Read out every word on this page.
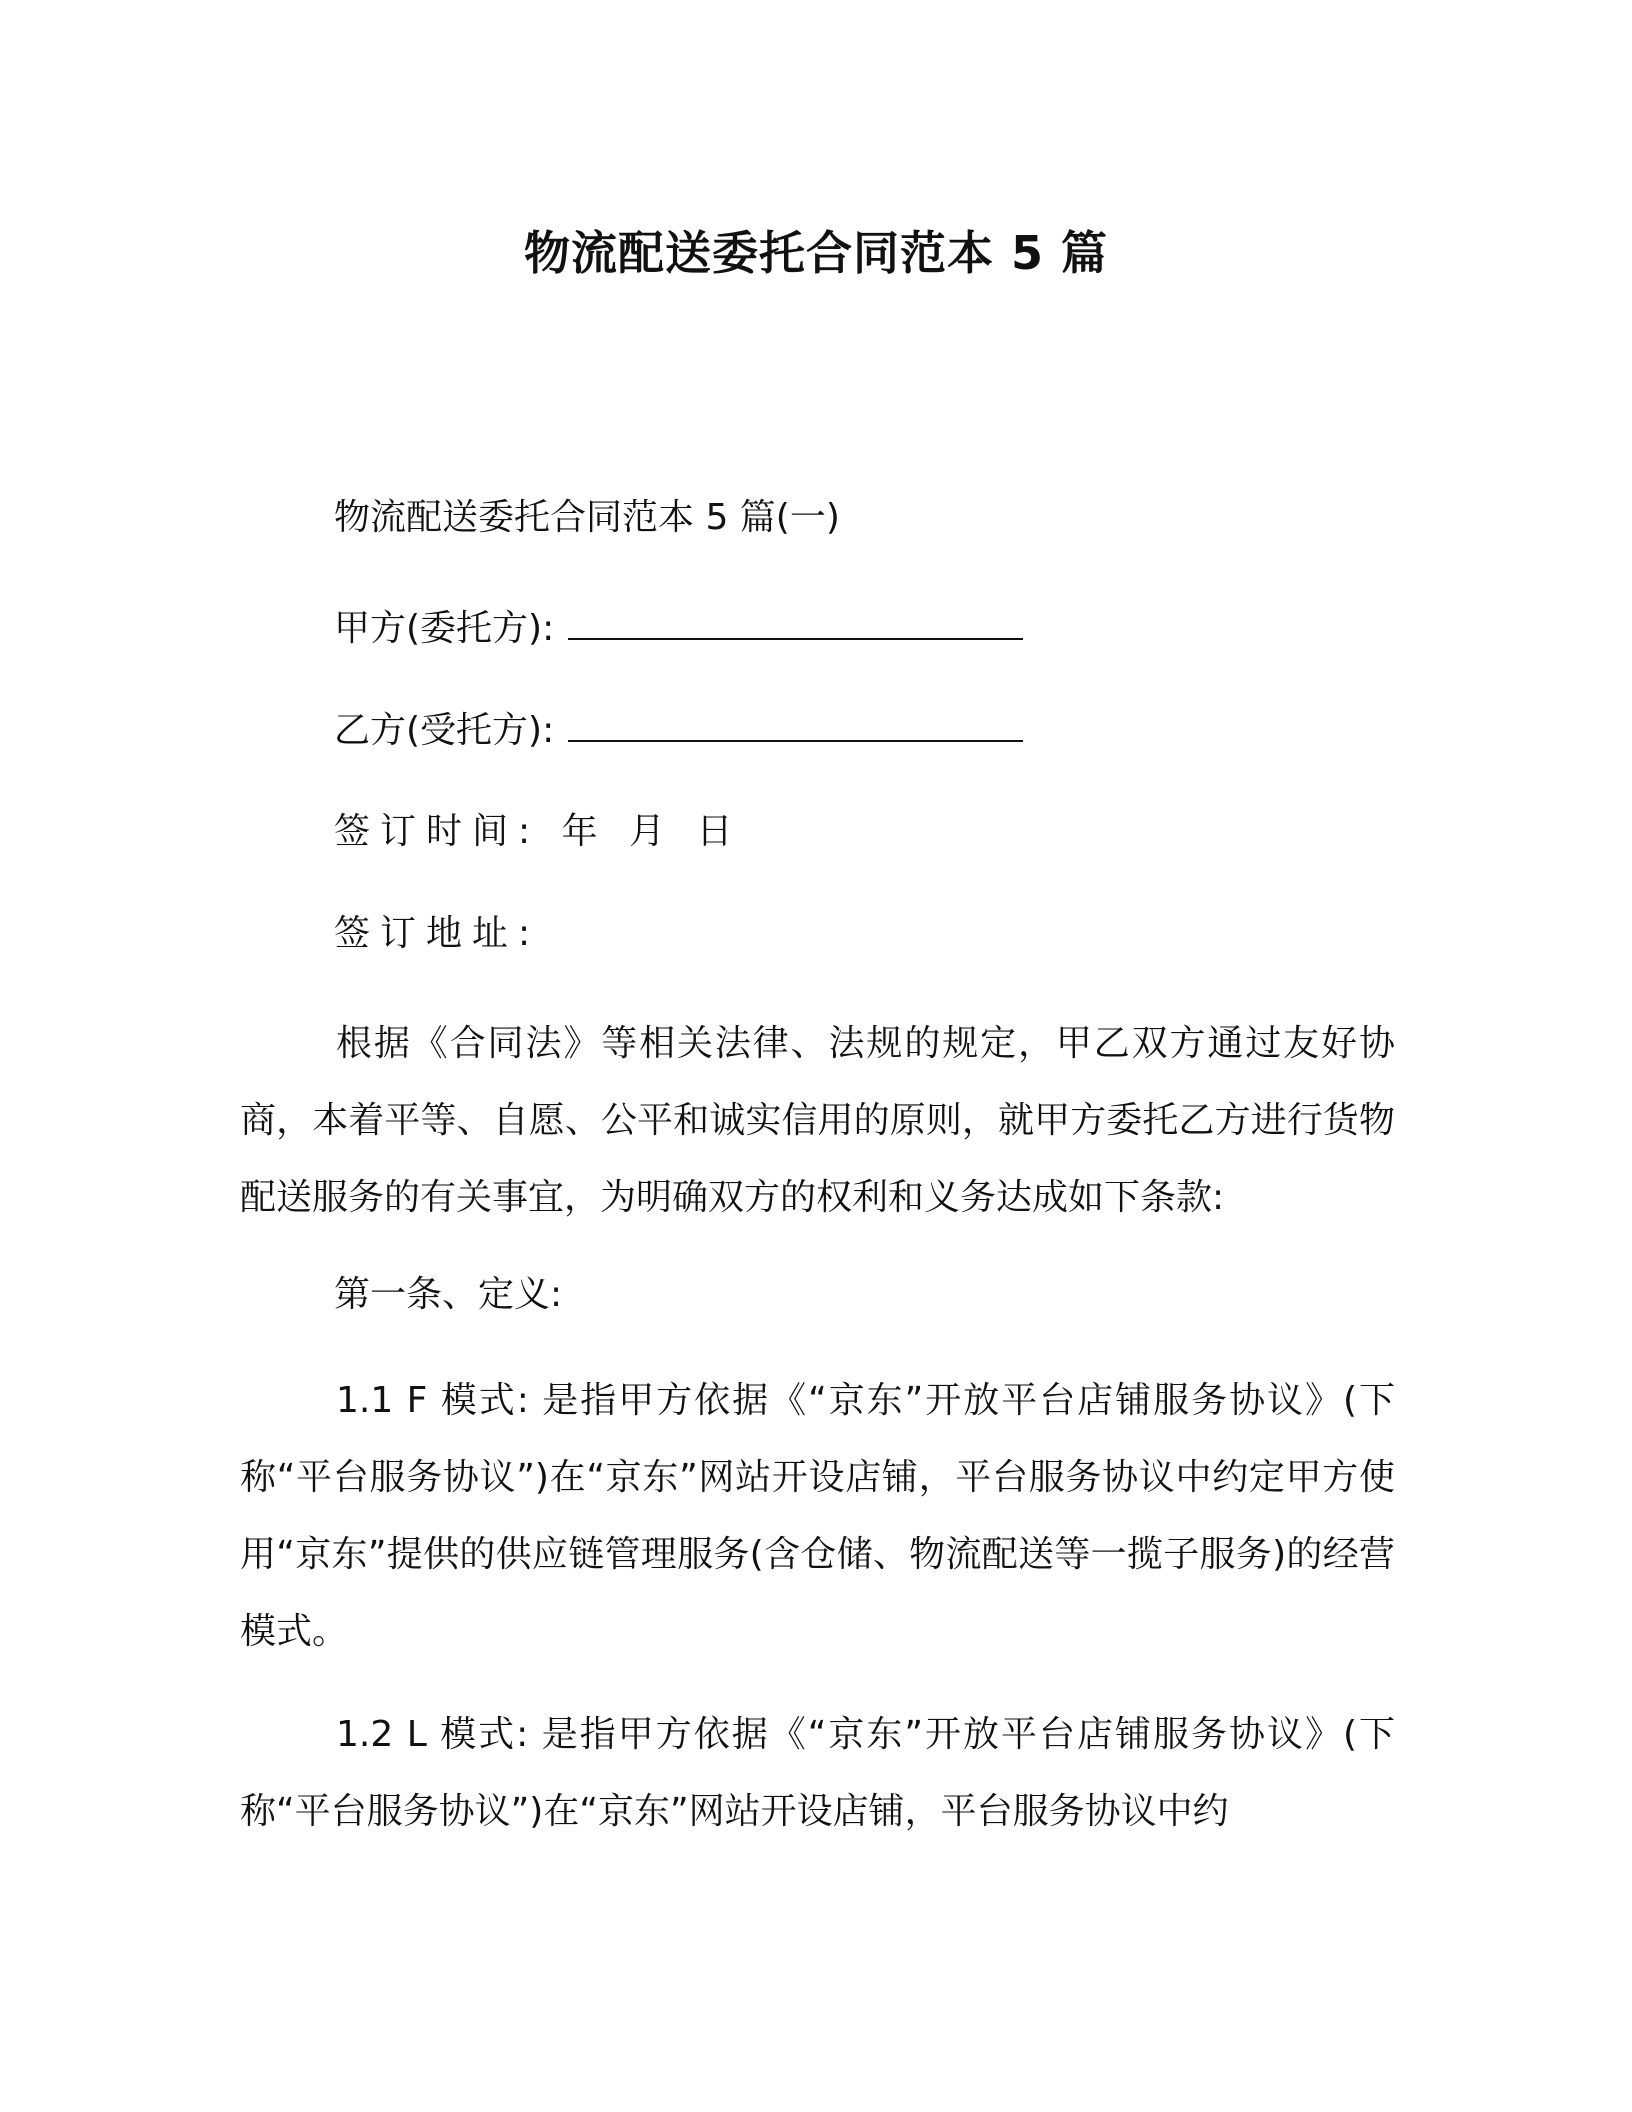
物流配送委托合同范本 5 篇
物流配送委托合同范本 5 篇(一)
甲方(委托方):
乙方(受托方):
签订时间: 年 月 日
签订地址:
根据《合同法》等相关法律、法规的规定，甲乙双方通过友好协商，本着平等、自愿、公平和诚实信用的原则，就甲方委托乙方进行货物配送服务的有关事宜，为明确双方的权利和义务达成如下条款:
第一条、定义:
1.1 F 模式: 是指甲方依据《“京东”开放平台店铺服务协议》(下称“平台服务协议”)在“京东”网站开设店铺，平台服务协议中约定甲方使用“京东”提供的供应链管理服务(含仓储、物流配送等一揽子服务)的经营模式。
1.2 L 模式: 是指甲方依据《“京东”开放平台店铺服务协议》(下称“平台服务协议”)在“京东”网站开设店铺，平台服务协议中约
